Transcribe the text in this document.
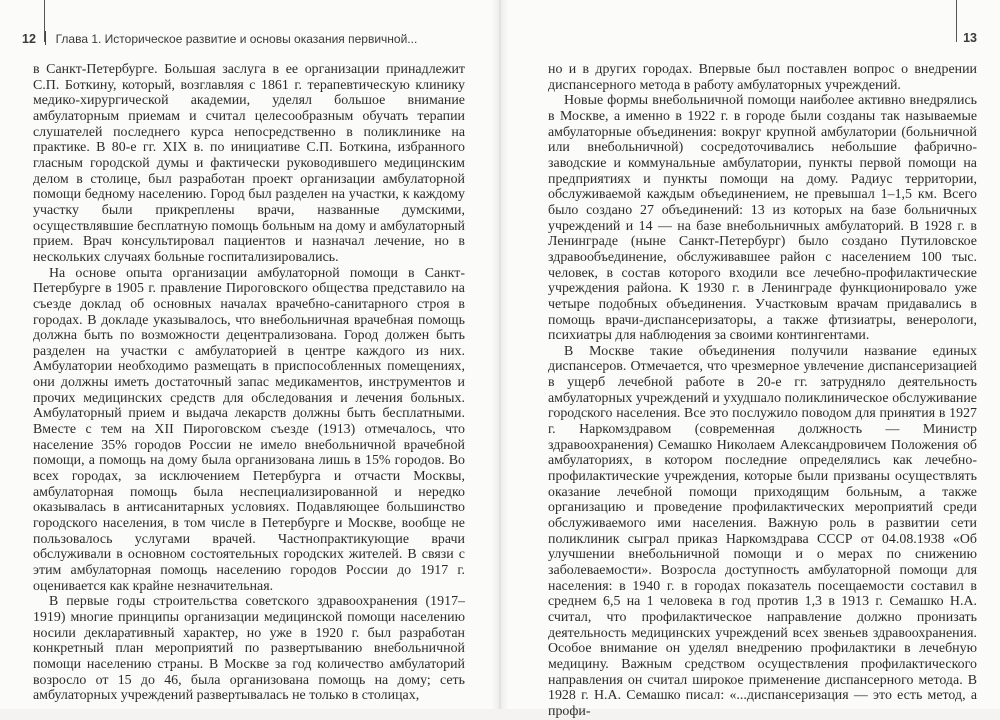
12 Глава 1. Историческое развитие и основы оказания первичной...	13

в Санкт-Петербурге. Большая заслуга в ее организации принадлежит С.П. Боткину, который, возглавляя с 1861 г. терапевтическую клинику медико-хирургической академии, уделял большое внимание амбулаторным приемам и считал целесообразным обучать терапии слушателей последнего курса непосредственно в поликлинике на практике. В 80-е гг. XIX в. по инициативе С.П. Боткина, избранного гласным городской думы и фактически руководившего медицинским делом в столице, был разработан проект организации амбулаторной помощи бедному населению. Город был разделен на участки, к каждому участку были прикреплены врачи, названные думскими, осуществлявшие бесплатную помощь больным на дому и амбулаторный прием. Врач консультировал пациентов и назначал лечение, но в нескольких случаях больные госпитализировались.

На основе опыта организации амбулаторной помощи в Санкт-Петербурге в 1905 г. правление Пироговского общества представило на съезде доклад об основных началах врачебно-санитарного строя в городах. В докладе указывалось, что внебольничная врачебная помощь должна быть по возможности децентрализована. Город должен быть разделен на участки с амбулаторией в центре каждого из них. Амбулатории необходимо размещать в приспособленных помещениях, они должны иметь достаточный запас медикаментов, инструментов и прочих медицинских средств для обследования и лечения больных. Амбулаторный прием и выдача лекарств должны быть бесплатными. Вместе с тем на XII Пироговском съезде (1913) отмечалось, что население 35% городов России не имело внебольничной врачебной помощи, а помощь на дому была организована лишь в 15% городов. Во всех городах, за исключением Петербурга и отчасти Москвы, амбулаторная помощь была неспециализированной и нередко оказывалась в антисанитарных условиях. Подавляющее большинство городского населения, в том числе в Петербурге и Москве, вообще не пользовалось услугами врачей. Частнопрактикующие врачи обслуживали в основном состоятельных городских жителей. В связи с этим амбулаторная помощь населению городов России до 1917 г. оценивается как крайне незначительная.

В первые годы строительства советского здравоохранения (1917–1919) многие принципы организации медицинской помощи населению носили декларативный характер, но уже в 1920 г. был разработан конкретный план мероприятий по развертыванию внебольничной помощи населению страны. В Москве за год количество амбулаторий возросло от 15 до 46, была организована помощь на дому; сеть амбулаторных учреждений развертывалась не только в столицах,

но и в других городах. Впервые был поставлен вопрос о внедрении диспансерного метода в работу амбулаторных учреждений.

Новые формы внебольничной помощи наиболее активно внедрялись в Москве, а именно в 1922 г. в городе были созданы так называемые амбулаторные объединения: вокруг крупной амбулатории (больничной или внебольничной) сосредоточивались небольшие фабрично-заводские и коммунальные амбулатории, пункты первой помощи на предприятиях и пункты помощи на дому. Радиус территории, обслуживаемой каждым объединением, не превышал 1–1,5 км. Всего было создано 27 объединений: 13 из которых на базе больничных учреждений и 14 — на базе внебольничных амбулаторий. В 1928 г. в Ленинграде (ныне Санкт-Петербург) было создано Путиловское здравообъединение, обслуживавшее район с населением 100 тыс. человек, в состав которого входили все лечебно-профилактические учреждения района. К 1930 г. в Ленинграде функционировало уже четыре подобных объединения. Участковым врачам придавались в помощь врачи-диспансеризаторы, а также фтизиатры, венерологи, психиатры для наблюдения за своими контингентами.

В Москве такие объединения получили название единых диспансеров. Отмечается, что чрезмерное увлечение диспансеризацией в ущерб лечебной работе в 20-е гг. затрудняло деятельность амбулаторных учреждений и ухудшало поликлиническое обслуживание городского населения. Все это послужило поводом для принятия в 1927 г. Наркомздравом (современная должность — Министр здравоохранения) Семашко Николаем Александровичем Положения об амбулаториях, в котором последние определялись как лечебно-профилактические учреждения, которые были призваны осуществлять оказание лечебной помощи приходящим больным, а также организацию и проведение профилактических мероприятий среди обслуживаемого ими населения. Важную роль в развитии сети поликлиник сыграл приказ Наркомздрава СССР от 04.08.1938 «Об улучшении внебольничной помощи и о мерах по снижению заболеваемости». Возросла доступность амбулаторной помощи для населения: в 1940 г. в городах показатель посещаемости составил в среднем 6,5 на 1 человека в год против 1,3 в 1913 г. Семашко Н.А. считал, что профилактическое направление должно пронизать деятельность медицинских учреждений всех звеньев здравоохранения. Особое внимание он уделял внедрению профилактики в лечебную медицину. Важным средством осуществления профилактического направления он считал широкое применение диспансерного метода. В 1928 г. Н.А. Семашко писал: «...диспансеризация — это есть метод, а профи-
